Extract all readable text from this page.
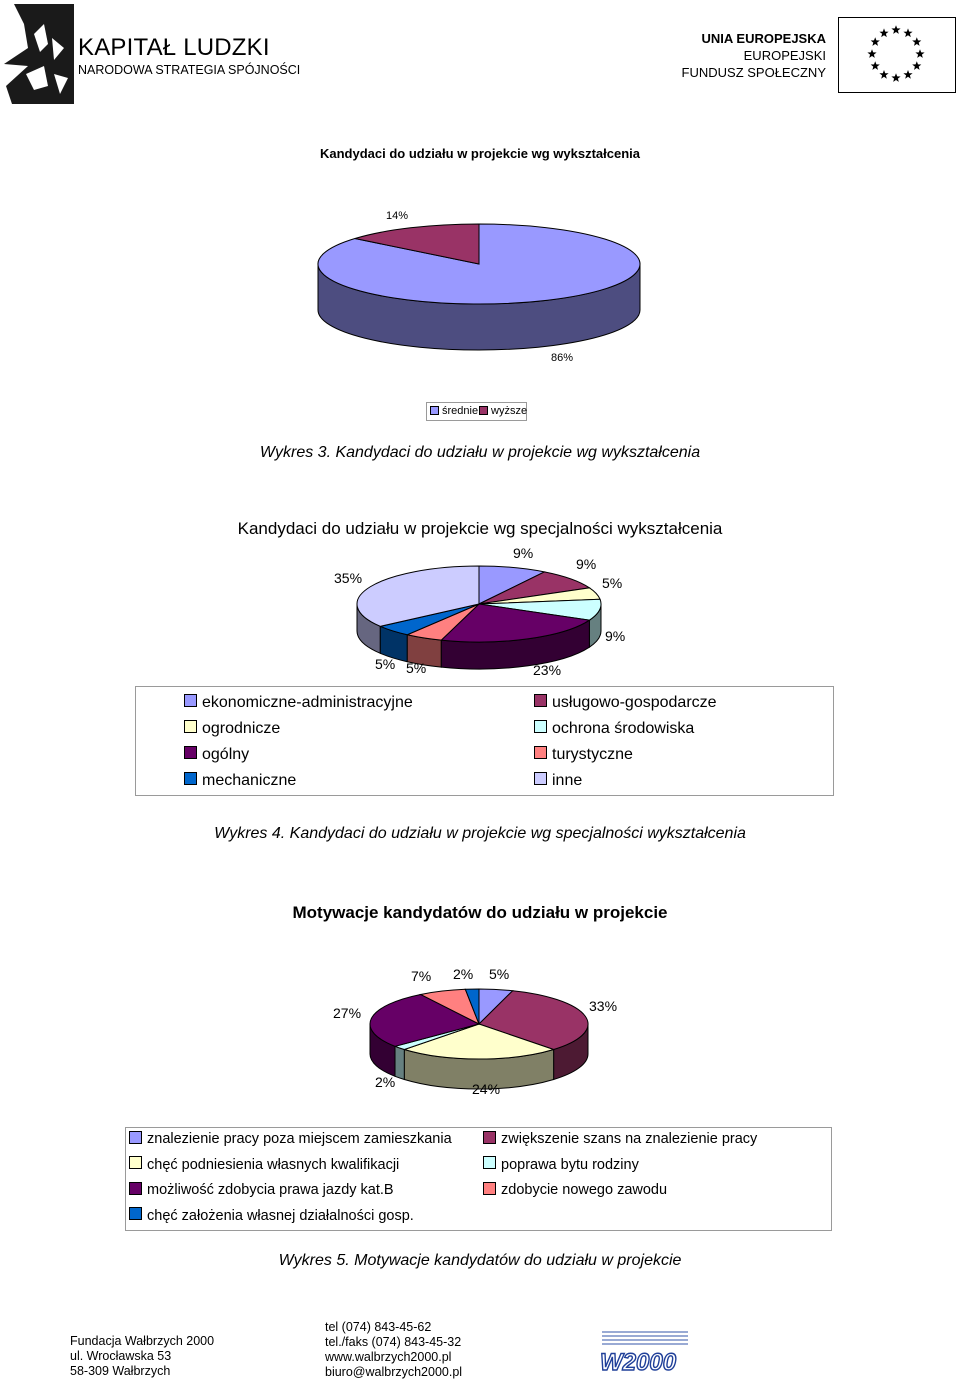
KAPITAŁ LUDZKI
NARODOWA STRATEGIA SPÓJNOŚCI
UNIA EUROPEJSKA
EUROPEJSKI
FUNDUSZ SPOŁECZNY
Kandydaci do udziału w projekcie wg wykształcenia
14%
86%
średnie	wyższe
Wykres 3. Kandydaci do udziału w projekcie wg wykształcenia
Kandydaci do udziału w projekcie wg specjalności wykształcenia
9%
9%
5%
9%
23%
5%
5%
35%
ekonomiczne-administracyjne	usługowo-gospodarcze
ogrodnicze	ochrona środowiska
ogólny	turystyczne
mechaniczne	inne
Wykres 4. Kandydaci do udziału w projekcie wg specjalności wykształcenia
Motywacje kandydatów do udziału w projekcie
5%
33%
24%
2%
27%
7% 2%
znalezienie pracy poza miejscem zamieszkania	zwiększenie szans na znalezienie pracy
chęć podniesienia własnych kwalifikacji	poprawa bytu rodziny
możliwość zdobycia prawa jazdy kat.B	zdobycie nowego zawodu
chęć założenia własnej działalności gosp.
Wykres 5. Motywacje kandydatów do udziału w projekcie
Fundacja Wałbrzych 2000
ul. Wrocławska 53
58-309 Wałbrzych
tel (074) 843-45-62
tel./faks (074) 843-45-32
www.walbrzych2000.pl
biuro@walbrzych2000.pl	W2000
